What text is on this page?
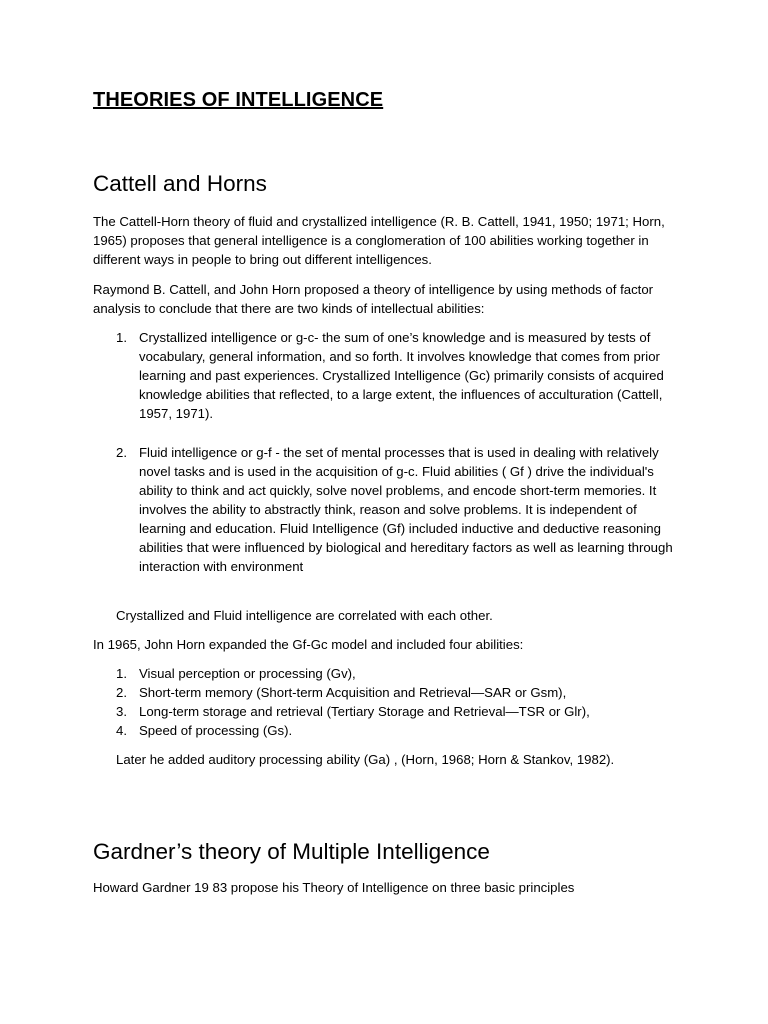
THEORIES OF INTELLIGENCE
Cattell and Horns

The Cattell-Horn theory of fluid and crystallized intelligence (R. B. Cattell, 1941, 1950; 1971; Horn, 1965) proposes that general intelligence is a conglomeration of 100 abilities working together in different ways in people to bring out different intelligences.

Raymond B. Cattell, and John Horn proposed a theory of intelligence by using methods of factor analysis to conclude that there are two kinds of intellectual abilities:

1. Crystallized intelligence or g-c- the sum of one’s knowledge and is measured by tests of vocabulary, general information, and so forth. It involves knowledge that comes from prior learning and past experiences. Crystallized Intelligence (Gc) primarily consists of acquired knowledge abilities that reflected, to a large extent, the influences of acculturation (Cattell, 1957, 1971).
2. Fluid intelligence or g-f - the set of mental processes that is used in dealing with relatively novel tasks and is used in the acquisition of g-c. Fluid abilities ( Gf ) drive the individual's ability to think and act quickly, solve novel problems, and encode short-term memories. It involves the ability to abstractly think, reason and solve problems. It is independent of learning and education. Fluid Intelligence (Gf) included inductive and deductive reasoning abilities that were influenced by biological and hereditary factors as well as learning through interaction with environment

Crystallized and Fluid intelligence are correlated with each other.

In 1965, John Horn expanded the Gf-Gc model and included four abilities:

1. Visual perception or processing (Gv),
2. Short-term memory (Short-term Acquisition and Retrieval—SAR or Gsm),
3. Long-term storage and retrieval (Tertiary Storage and Retrieval—TSR or Glr),
4. Speed of processing (Gs).

Later he added auditory processing ability (Ga) , (Horn, 1968; Horn & Stankov, 1982).

Gardner’s theory of Multiple Intelligence

Howard Gardner 19 83 propose his Theory of Intelligence on three basic principles
